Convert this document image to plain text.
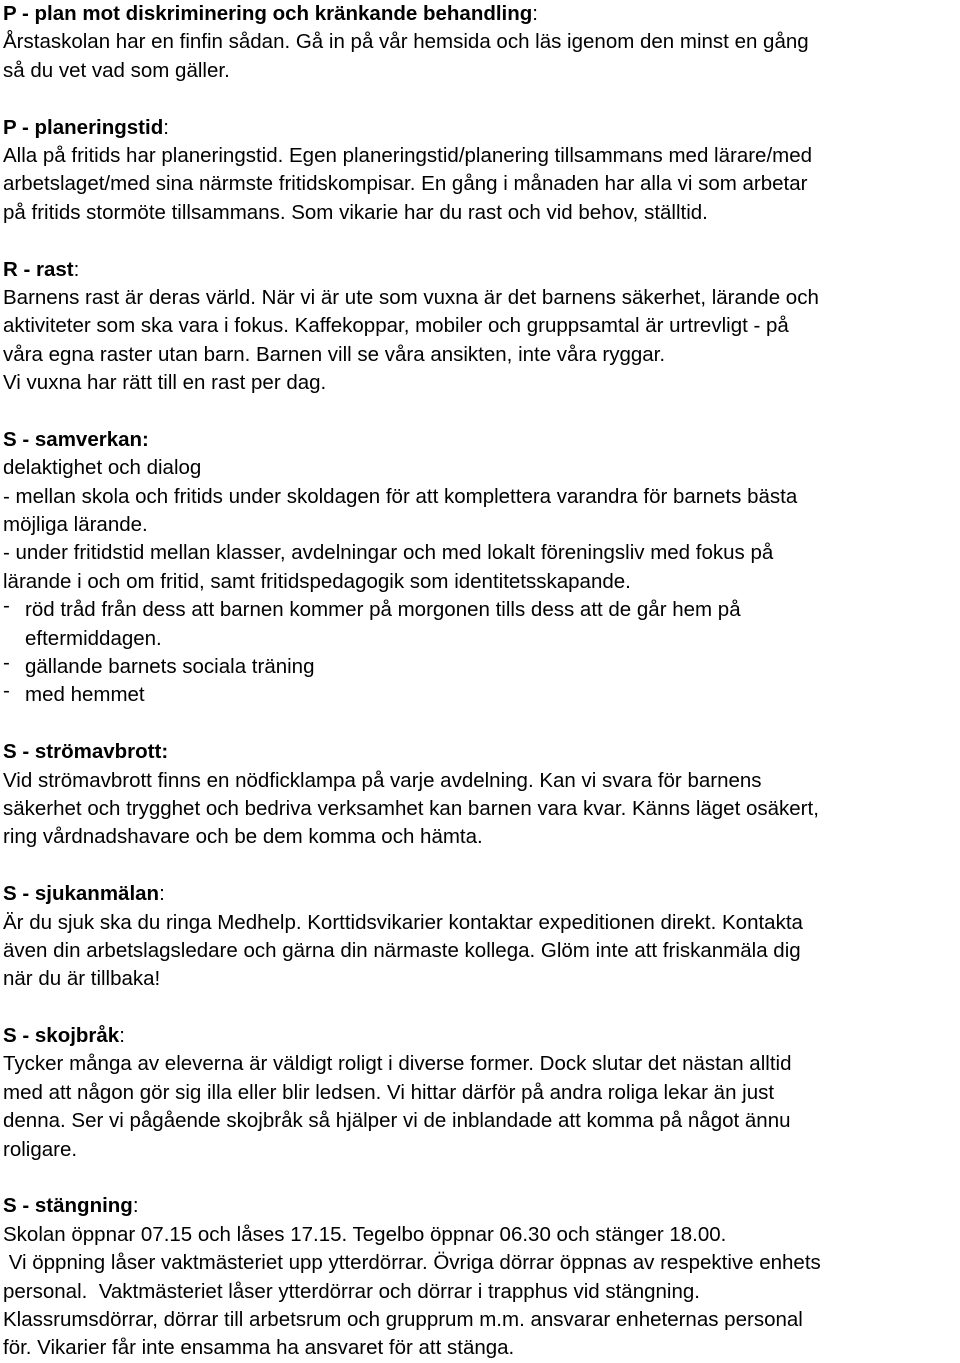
P - plan mot diskriminering och kränkande behandling:
Årstaskolan har en finfin sådan. Gå in på vår hemsida och läs igenom den minst en gång
så du vet vad som gäller.
P - planeringstid:
Alla på fritids har planeringstid. Egen planeringstid/planering tillsammans med lärare/med
arbetslaget/med sina närmste fritidskompisar. En gång i månaden har alla vi som arbetar
på fritids stormöte tillsammans. Som vikarie har du rast och vid behov, ställtid.
R - rast:
Barnens rast är deras värld. När vi är ute som vuxna är det barnens säkerhet, lärande och
aktiviteter som ska vara i fokus. Kaffekoppar, mobiler och gruppsamtal är urtrevligt - på
våra egna raster utan barn. Barnen vill se våra ansikten, inte våra ryggar.
Vi vuxna har rätt till en rast per dag.
S - samverkan:
delaktighet och dialog
- mellan skola och fritids under skoldagen för att komplettera varandra för barnets bästa
möjliga lärande.
- under fritidstid mellan klasser, avdelningar och med lokalt föreningsliv med fokus på
lärande i och om fritid, samt fritidspedagogik som identitetsskapande.
- röd tråd från dess att barnen kommer på morgonen tills dess att de går hem på
eftermiddagen.
- gällande barnets sociala träning
- med hemmet
S - strömavbrott:
Vid strömavbrott finns en nödficklampa på varje avdelning. Kan vi svara för barnens
säkerhet och trygghet och bedriva verksamhet kan barnen vara kvar. Känns läget osäkert,
ring vårdnadshavare och be dem komma och hämta.
S - sjukanmälan:
Är du sjuk ska du ringa Medhelp. Korttidsvikarier kontaktar expeditionen direkt. Kontakta
även din arbetslagsledare och gärna din närmaste kollega. Glöm inte att friskanmäla dig
när du är tillbaka!
S - skojbråk:
Tycker många av eleverna är väldigt roligt i diverse former. Dock slutar det nästan alltid
med att någon gör sig illa eller blir ledsen. Vi hittar därför på andra roliga lekar än just
denna. Ser vi pågående skojbråk så hjälper vi de inblandade att komma på något ännu
roligare.
S - stängning:
Skolan öppnar 07.15 och låses 17.15. Tegelbo öppnar 06.30 och stänger 18.00.
Vi öppning låser vaktmästeriet upp ytterdörrar. Övriga dörrar öppnas av respektive enhets
personal.  Vaktmästeriet låser ytterdörrar och dörrar i trapphus vid stängning.
Klassrumsdörrar, dörrar till arbetsrum och grupprum m.m. ansvarar enheternas personal
för. Vikarier får inte ensamma ha ansvaret för att stänga.
